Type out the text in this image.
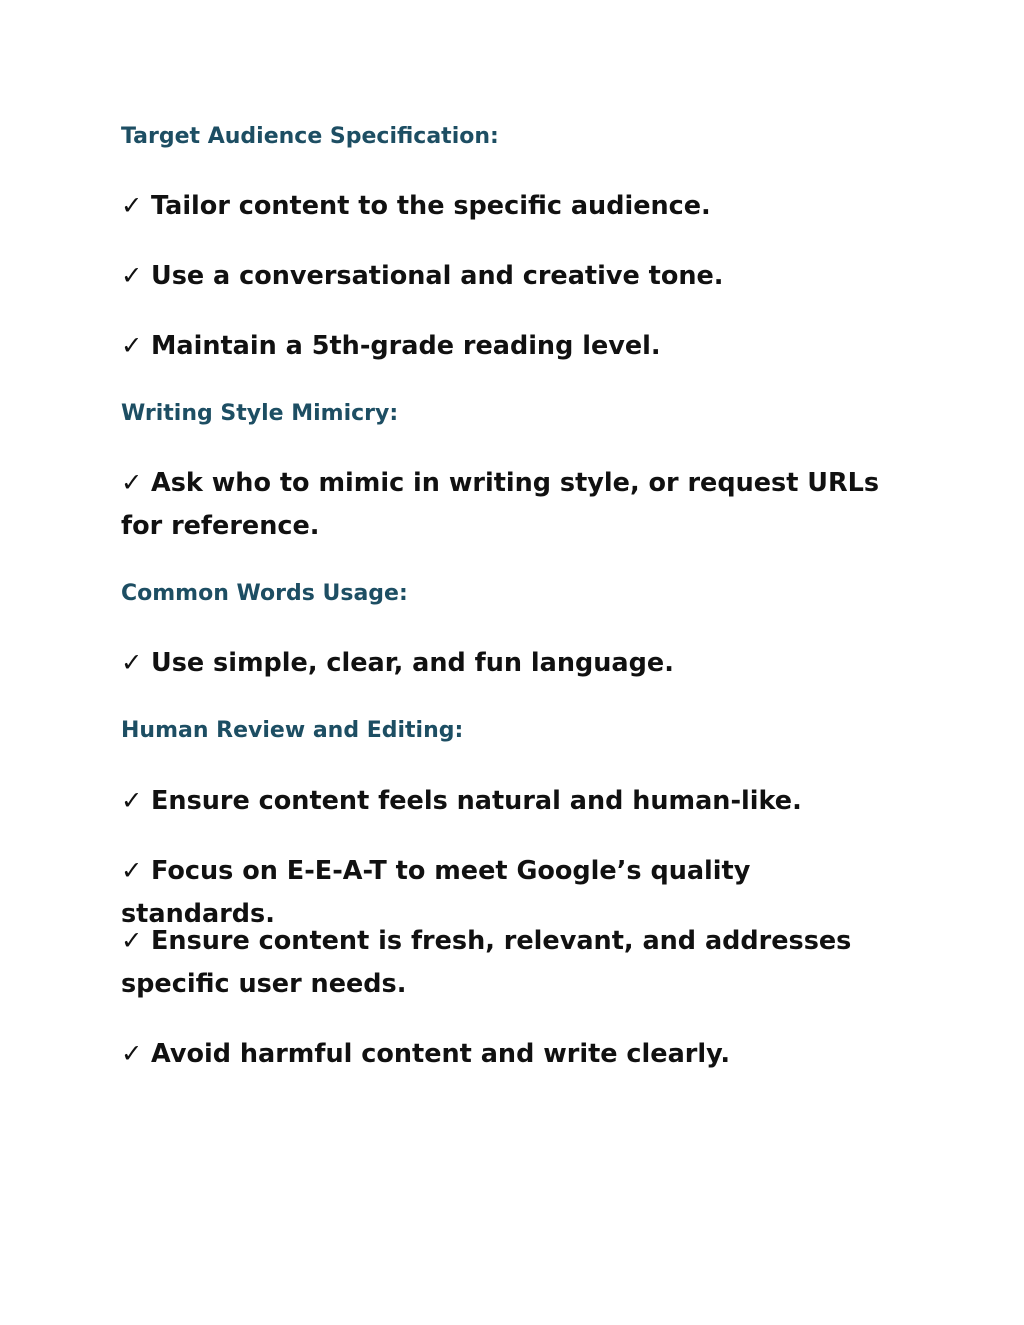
Target Audience Specification:

✓ Tailor content to the specific audience.

✓ Use a conversational and creative tone.

✓ Maintain a 5th-grade reading level.

Writing Style Mimicry:

✓ Ask who to mimic in writing style, or request URLs for reference.

Common Words Usage:

✓ Use simple, clear, and fun language.

Human Review and Editing:

✓ Ensure content feels natural and human-like.

✓ Focus on E-E-A-T to meet Google’s quality standards.

✓ Ensure content is fresh, relevant, and addresses specific user needs.

✓ Avoid harmful content and write clearly.
